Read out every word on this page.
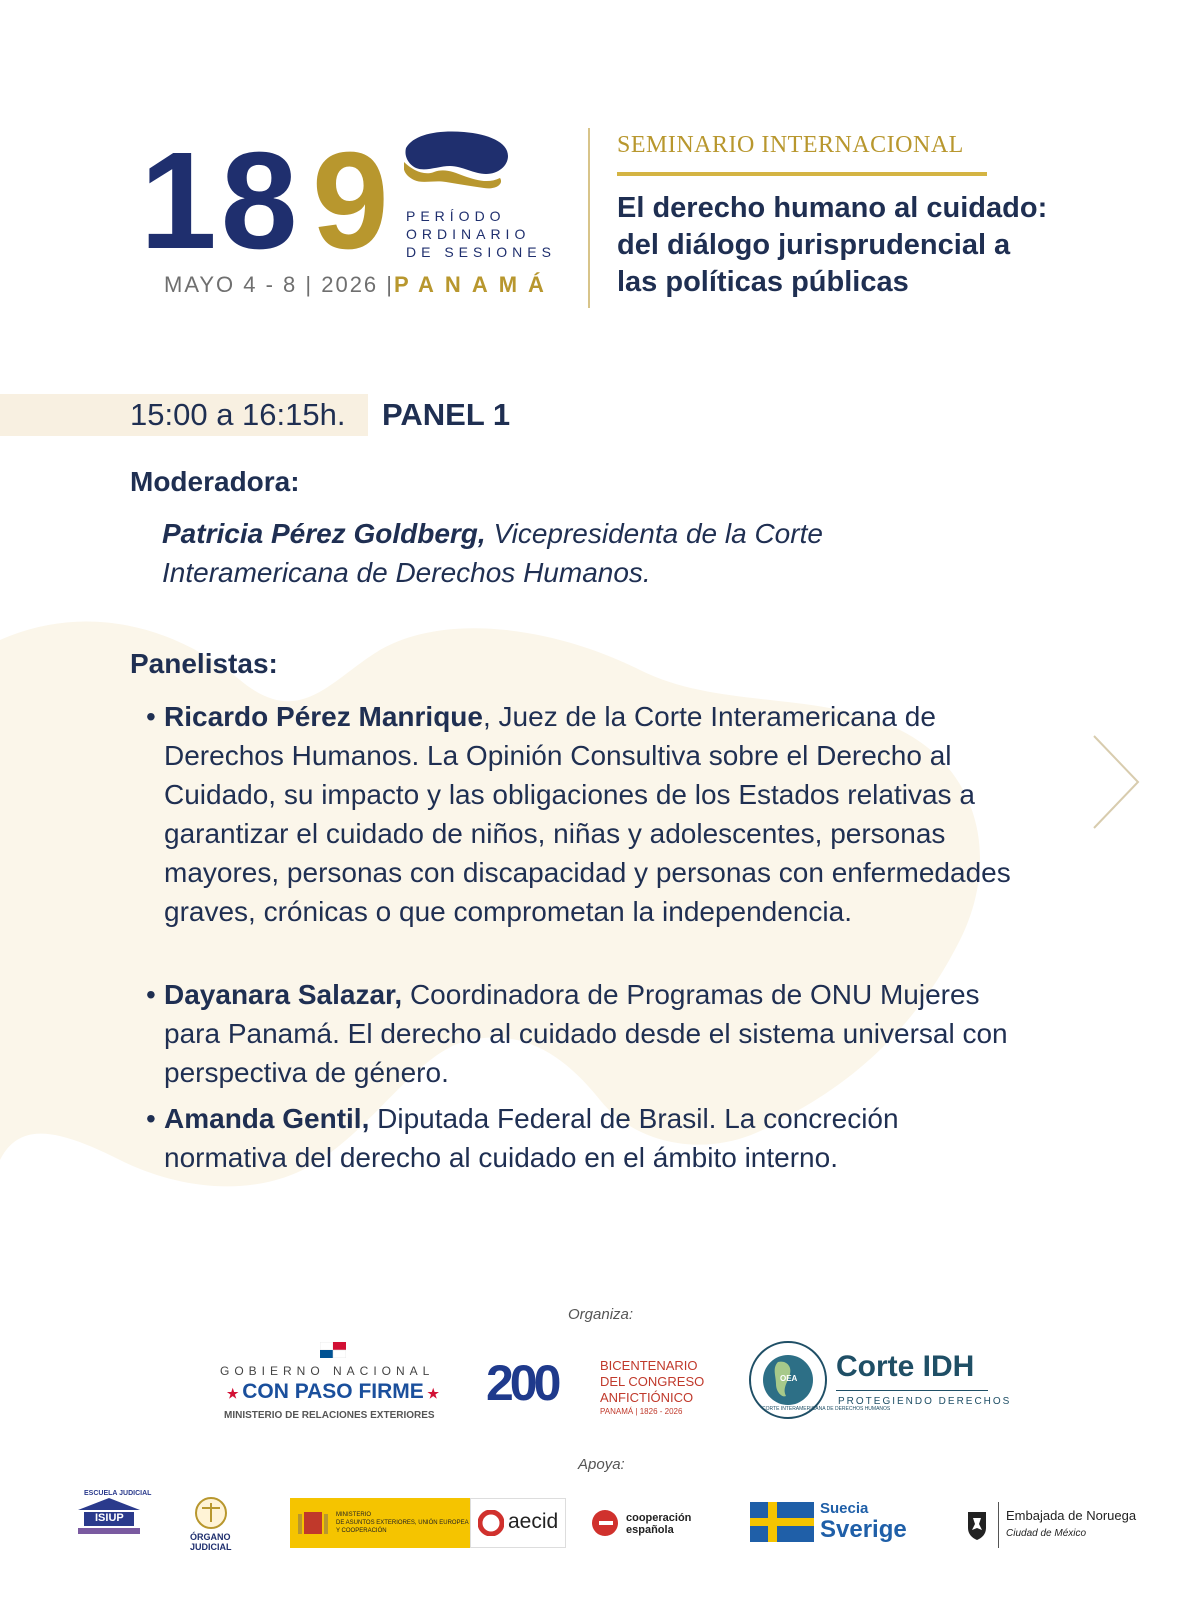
18 9 PERÍODO
ORDINARIO
DE SESIONES
MAYO 4 - 8 | 2026 |PANAMÁ
SEMINARIO INTERNACIONAL
El derecho humano al cuidado:
del diálogo jurisprudencial a
las políticas públicas
15:00 a 16:15h. PANEL 1
Moderadora:
Patricia Pérez Goldberg, Vicepresidenta de la Corte
Interamericana de Derechos Humanos.
Panelistas:
• Ricardo Pérez Manrique, Juez de la Corte Interamericana de Derechos Humanos. La Opinión Consultiva sobre el Derecho al Cuidado, su impacto y las obligaciones de los Estados relativas a garantizar el cuidado de niños, niñas y adolescentes, personas mayores, personas con discapacidad y personas con enfermedades graves, crónicas o que comprometan la independencia.
• Dayanara Salazar, Coordinadora de Programas de ONU Mujeres para Panamá. El derecho al cuidado desde el sistema universal con perspectiva de género.
• Amanda Gentil, Diputada Federal de Brasil. La concreción normativa del derecho al cuidado en el ámbito interno.
Organiza:
GOBIERNO NACIONAL
★ CON PASO FIRME ★
MINISTERIO DE RELACIONES EXTERIORES
200	BICENTENARIO
DEL CONGRESO
ANFICTIÓNICO
PANAMÁ | 1826 - 2026	CORTE INTERAMERICANA DE DERECHOS HUMANOS
OEA Corte IDH
PROTEGIENDO DERECHOS
Apoya:
ESCUELA JUDICIAL
ISIUP
ÓRGANO
JUDICIAL
MINISTERIO
DE ASUNTOS EXTERIORES, UNIÓN EUROPEA
Y COOPERACIÓN	aecid	cooperación
española
Suecia
Sverige
Embajada de Noruega
Ciudad de México
